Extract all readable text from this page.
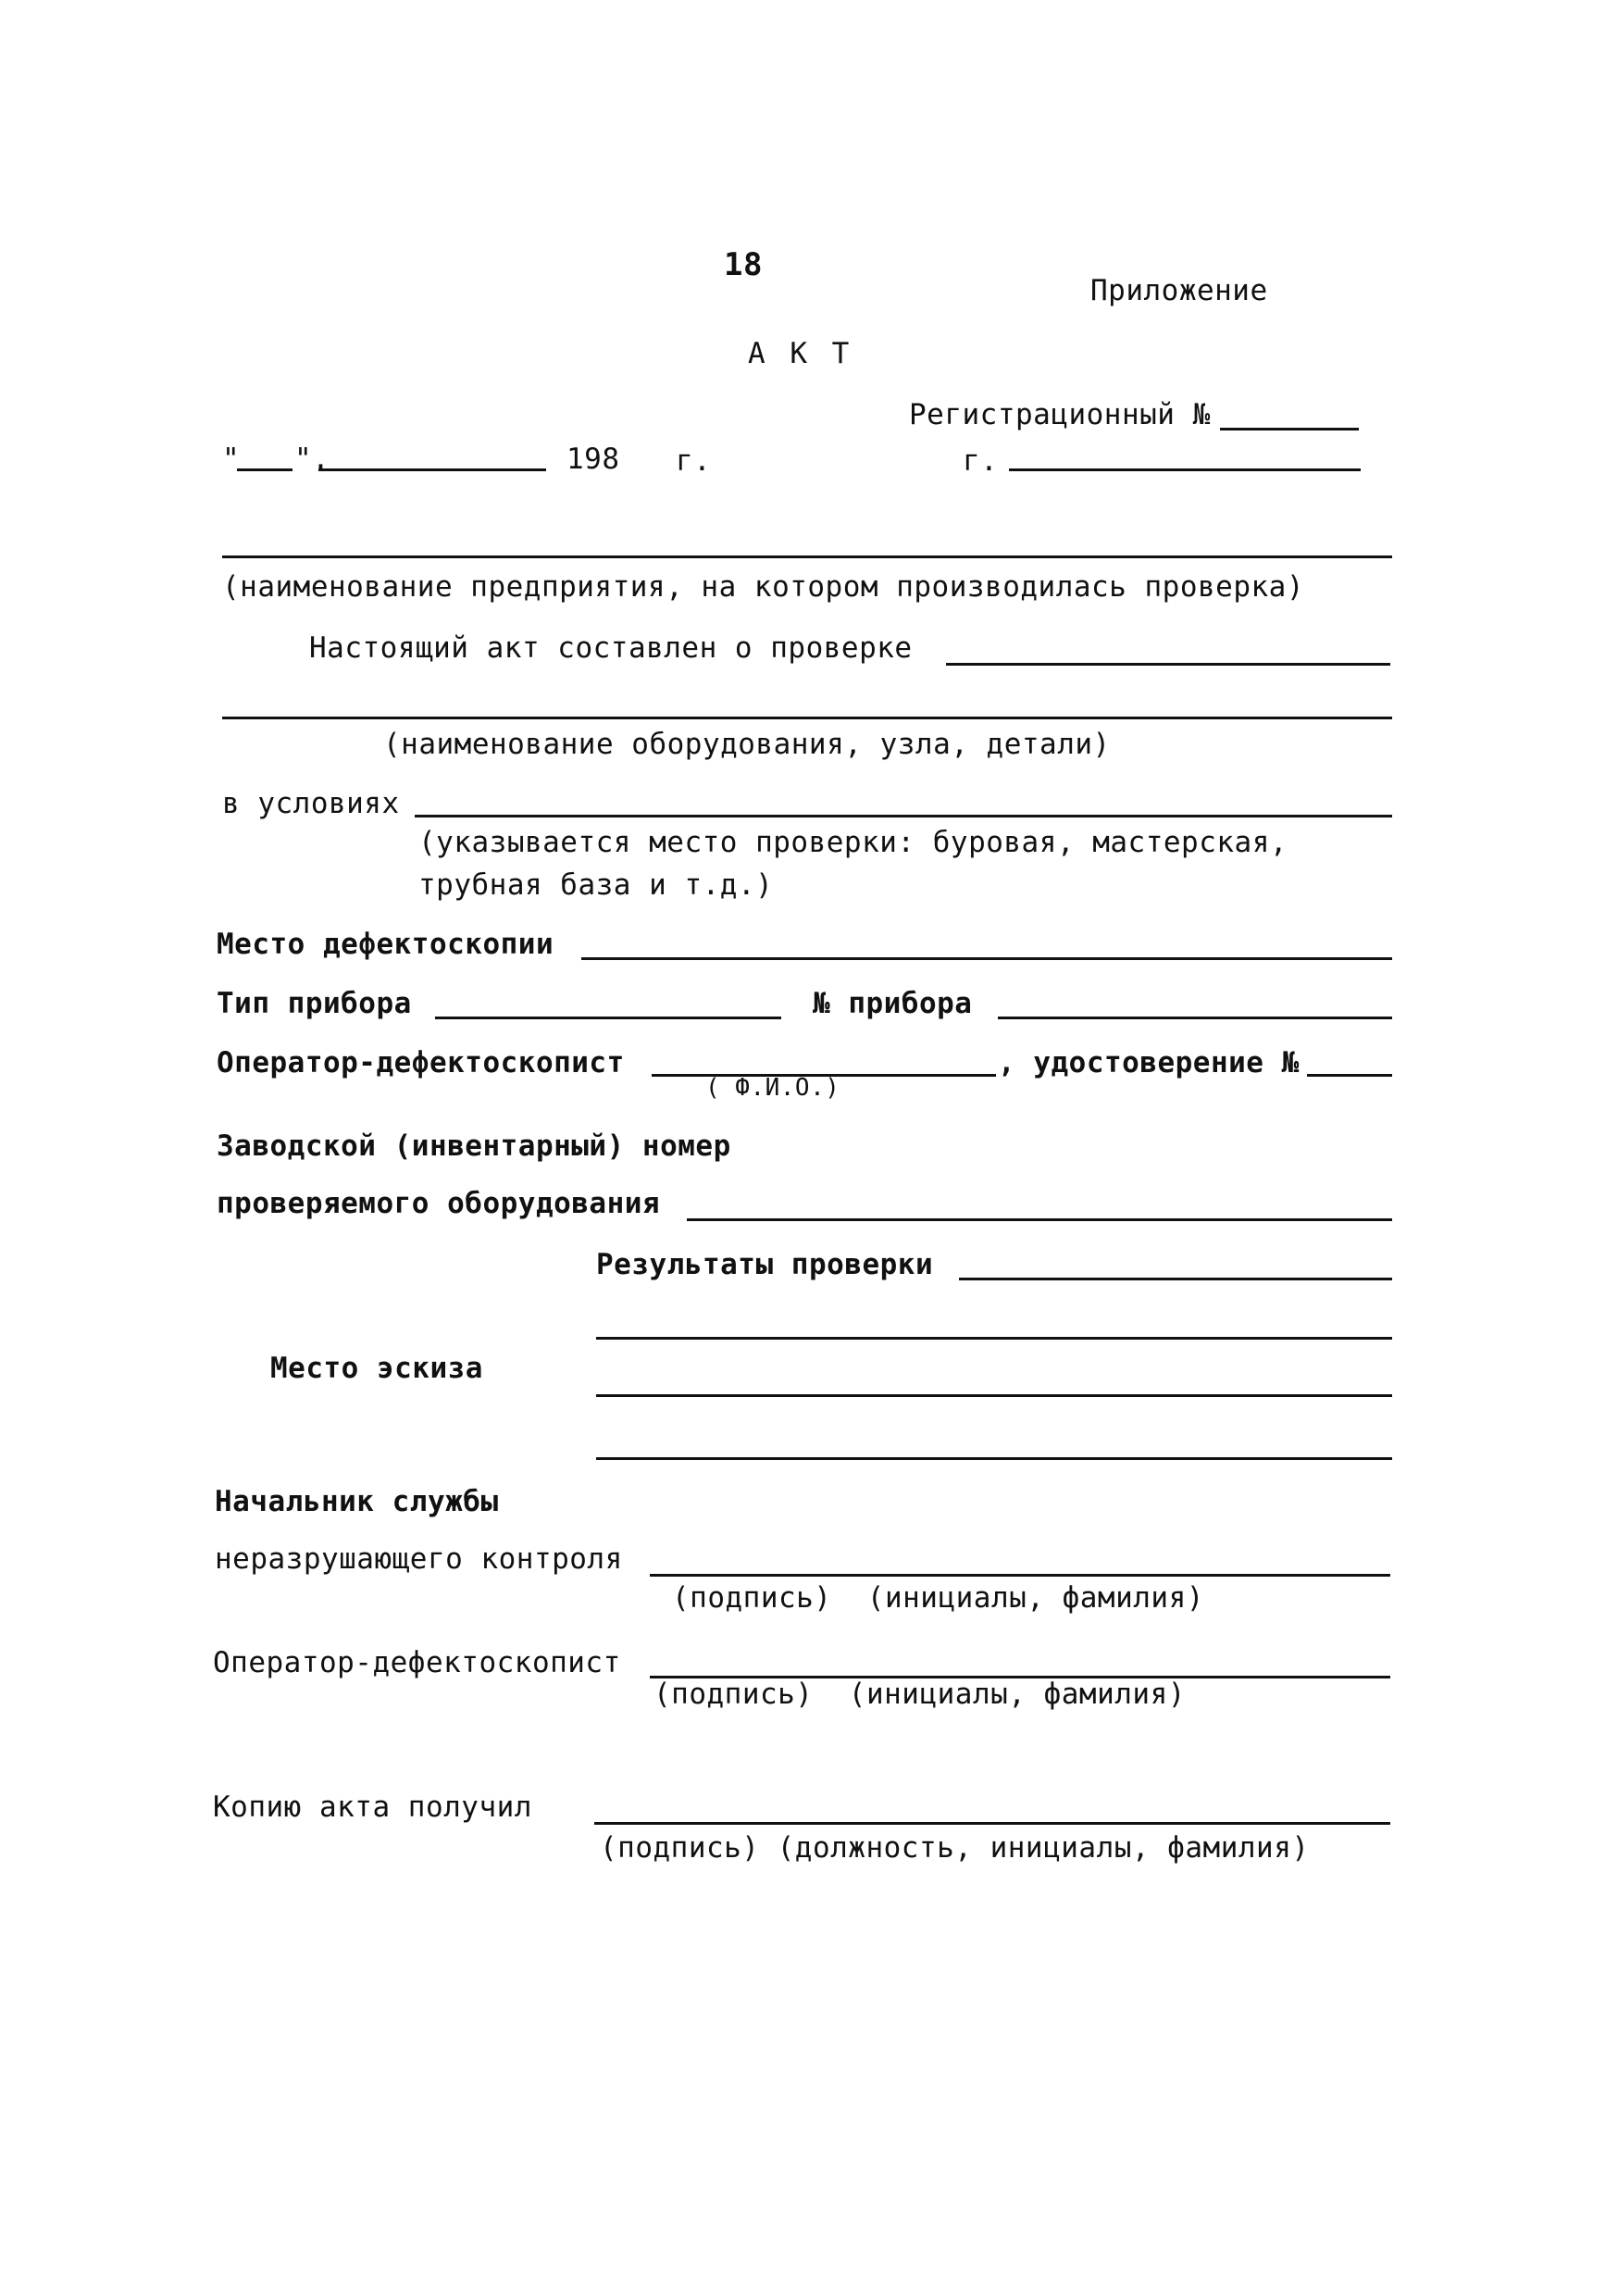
18
Приложение
А К Т
Регистрационный №
" ".	198 г.	г.
(наименование предприятия, на котором производилась проверка)
Настоящий акт составлен о проверке
(наименование оборудования, узла, детали)
в условиях
(указывается место проверки: буровая, мастерская,
трубная база и т.д.)
Место дефектоскопии
Тип прибора	№ прибора
Оператор-дефектоскопист
( Ф.И.О.)
, удостоверение №
Заводской (инвентарный) номер
проверяемого оборудования
Результаты проверки
Место эскиза
Начальник службы
неразрушающего контроля
(подпись)  (инициалы, фамилия)
Оператор-дефектоскопист
(подпись)  (инициалы, фамилия)
Копию акта получил
(подпись) (должность, инициалы, фамилия)
